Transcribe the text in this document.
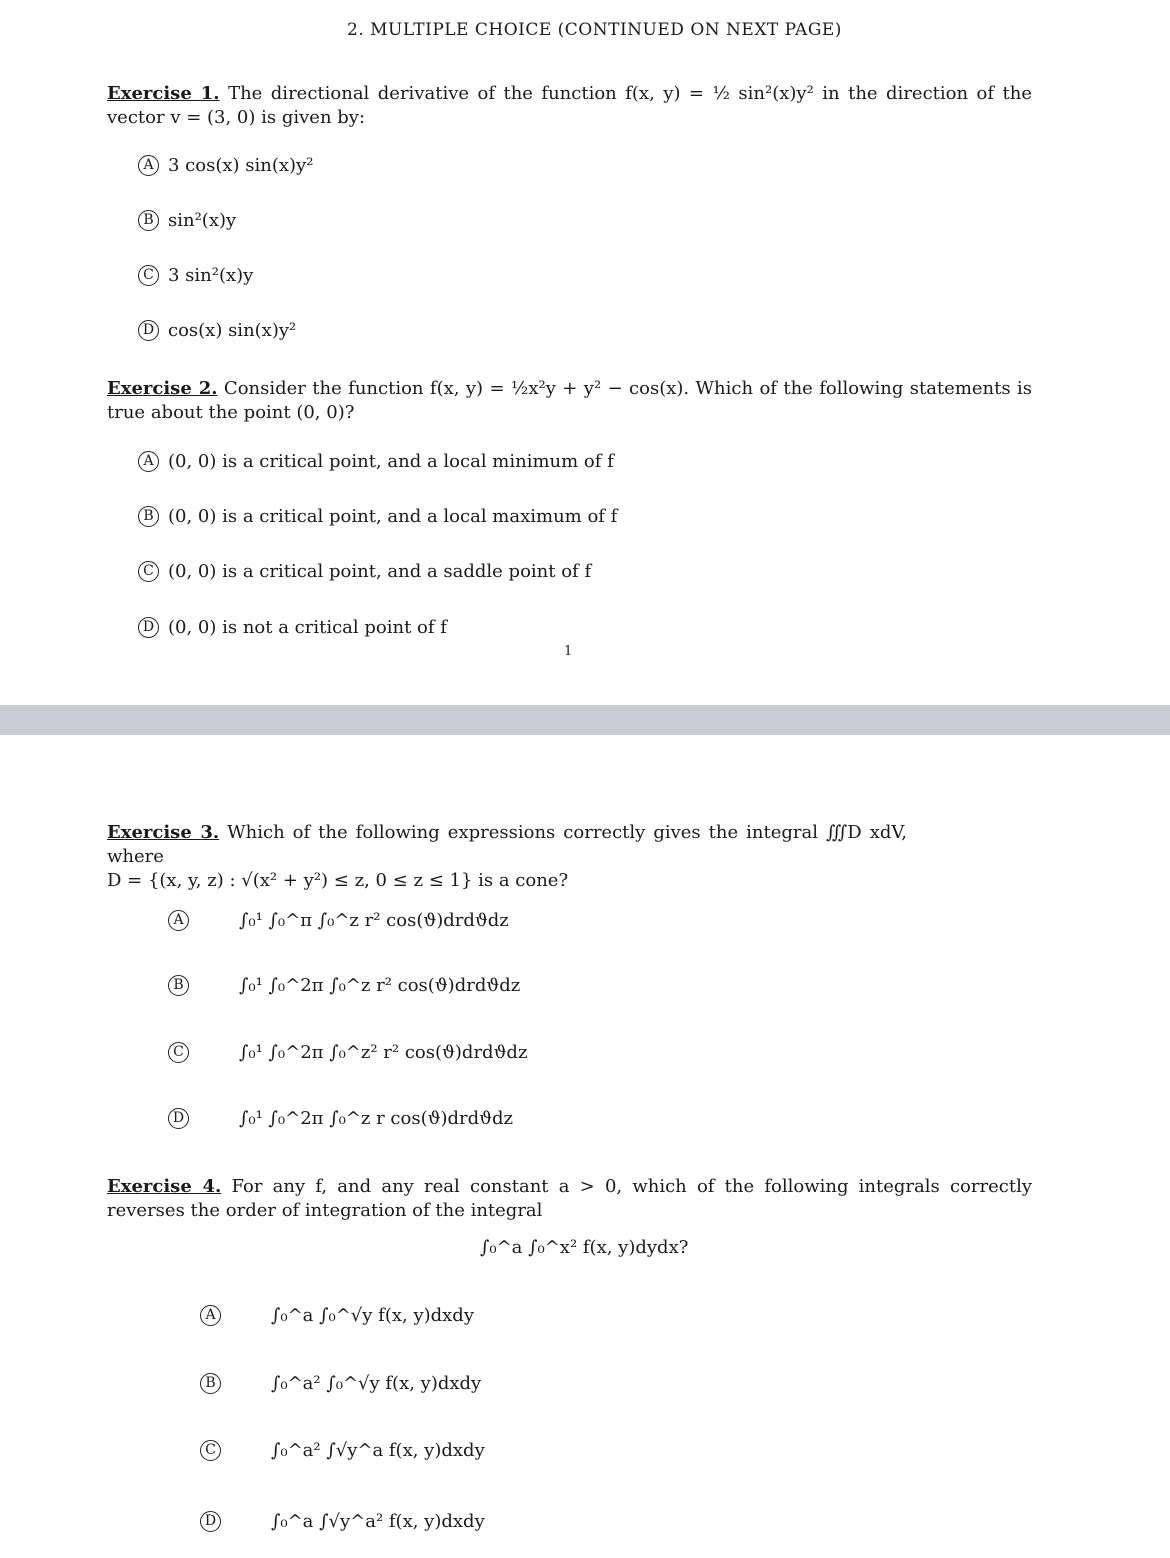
2. MULTIPLE CHOICE (CONTINUED ON NEXT PAGE)
Exercise 1. The directional derivative of the function f(x, y) = ½ sin²(x)y² in the direction of the vector v = (3, 0) is given by:
A 3 cos(x) sin(x)y²
B sin²(x)y
C 3 sin²(x)y
D cos(x) sin(x)y²
Exercise 2. Consider the function f(x, y) = ½x²y + y² − cos(x). Which of the following statements is true about the point (0, 0)?
A (0, 0) is a critical point, and a local minimum of f
B (0, 0) is a critical point, and a local maximum of f
C (0, 0) is a critical point, and a saddle point of f
D (0, 0) is not a critical point of f
1
Exercise 3. Which of the following expressions correctly gives the integral ∭D xdV, where
D = {(x, y, z) : √(x² + y²) ≤ z, 0 ≤ z ≤ 1} is a cone?
A	∫₀¹ ∫₀^π ∫₀^z r² cos(ϑ)drdϑdz
B	∫₀¹ ∫₀^2π ∫₀^z r² cos(ϑ)drdϑdz
C	∫₀¹ ∫₀^2π ∫₀^z² r² cos(ϑ)drdϑdz
D	∫₀¹ ∫₀^2π ∫₀^z r cos(ϑ)drdϑdz
Exercise 4. For any f, and any real constant a > 0, which of the following integrals correctly reverses the order of integration of the integral
∫₀^a ∫₀^x² f(x, y)dydx?
A	∫₀^a ∫₀^√y f(x, y)dxdy
B	∫₀^a² ∫₀^√y f(x, y)dxdy
C	∫₀^a² ∫√y^a f(x, y)dxdy
D	∫₀^a ∫√y^a² f(x, y)dxdy
